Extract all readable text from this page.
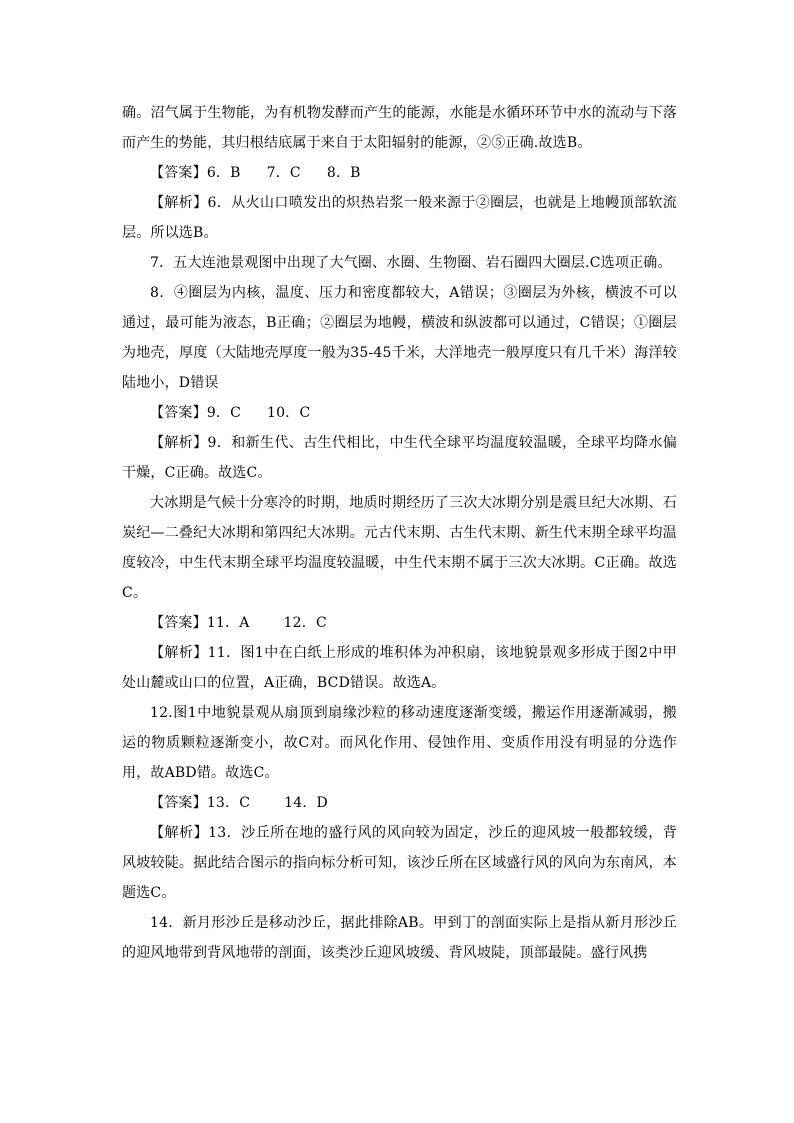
确。沼气属于生物能，为有机物发酵而产生的能源，水能是水循环环节中水的流动与下落而产生的势能，其归根结底属于来自于太阳辐射的能源，②⑤正确.故选B。

【答案】6．B 7．C 8．B

【解析】6．从火山口喷发出的炽热岩浆一般来源于②圈层，也就是上地幔顶部软流层。所以选B。

7．五大连池景观图中出现了大气圈、水圈、生物圈、岩石圈四大圈层.C选项正确。

8．④圈层为内核，温度、压力和密度都较大，A错误；③圈层为外核，横波不可以通过，最可能为液态，B正确；②圈层为地幔，横波和纵波都可以通过，C错误；①圈层为地壳，厚度（大陆地壳厚度一般为35-45千米，大洋地壳一般厚度只有几千米）海洋较陆地小，D错误

【答案】9．C 10．C

【解析】9．和新生代、古生代相比，中生代全球平均温度较温暖，全球平均降水偏干燥，C正确。故选C。

大冰期是气候十分寒冷的时期，地质时期经历了三次大冰期分别是震旦纪大冰期、石炭纪—二叠纪大冰期和第四纪大冰期。元古代末期、古生代末期、新生代末期全球平均温度较冷，中生代末期全球平均温度较温暖，中生代末期不属于三次大冰期。C正确。故选C。

【答案】11．A 12．C

【解析】11．图1中在白纸上形成的堆积体为冲积扇，该地貌景观多形成于图2中甲处山麓或山口的位置，A正确，BCD错误。故选A。

12.图1中地貌景观从扇顶到扇缘沙粒的移动速度逐渐变缓，搬运作用逐渐减弱，搬运的物质颗粒逐渐变小，故C对。而风化作用、侵蚀作用、变质作用没有明显的分选作用，故ABD错。故选C。

【答案】13．C 14．D

【解析】13．沙丘所在地的盛行风的风向较为固定，沙丘的迎风坡一般都较缓，背风坡较陡。据此结合图示的指向标分析可知，该沙丘所在区域盛行风的风向为东南风，本题选C。

14．新月形沙丘是移动沙丘，据此排除AB。甲到丁的剖面实际上是指从新月形沙丘的迎风地带到背风地带的剖面，该类沙丘迎风坡缓、背风坡陡，顶部最陡。盛行风携
